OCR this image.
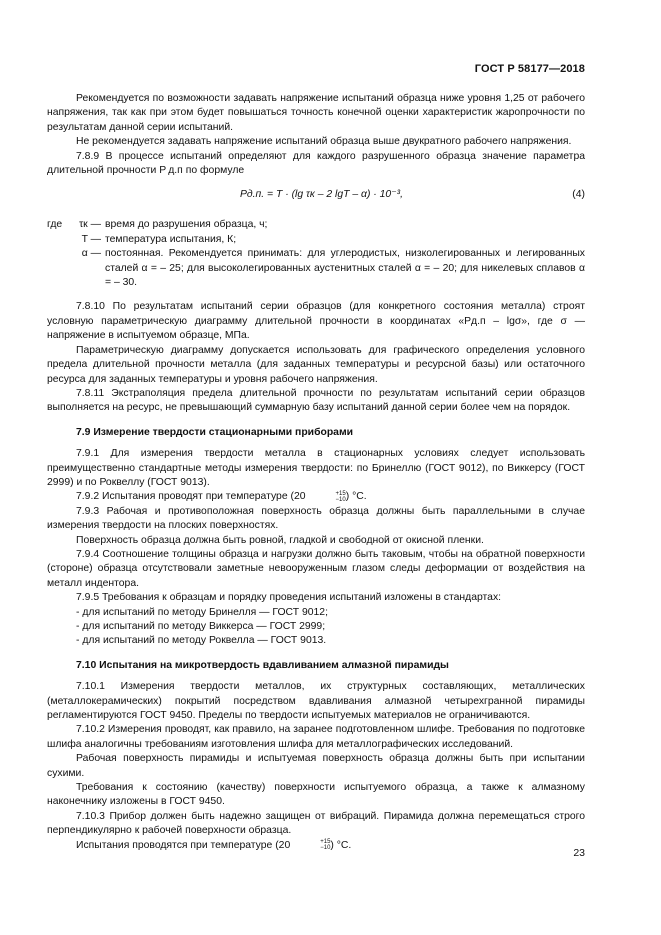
ГОСТ Р 58177—2018

Рекомендуется по возможности задавать напряжение испытаний образца ниже уровня 1,25 от рабочего напряжения, так как при этом будет повышаться точность конечной оценки характеристик жаропрочности по результатам данной серии испытаний.

Не рекомендуется задавать напряжение испытаний образца выше двукратного рабочего напряжения.

7.8.9 В процессе испытаний определяют для каждого разрушенного образца значение параметра длительной прочности P д.п по формуле

Pд.п. = T · (lg τк – 2 lgT – α) · 10⁻³,	(4)
где	τк — время до разрушения образца, ч;
T — температура испытания, К;
α — постоянная. Рекомендуется принимать: для углеродистых, низколегированных и легированных сталей α = – 25; для высоколегированных аустенитных сталей α = – 20; для никелевых сплавов α = – 30.

7.8.10 По результатам испытаний серии образцов (для конкретного состояния металла) строят условную параметрическую диаграмму длительной прочности в координатах «Pд.п – lgσ», где σ — напряжение в испытуемом образце, МПа.

Параметрическую диаграмму допускается использовать для графического определения условного предела длительной прочности металла (для заданных температуры и ресурсной базы) или остаточного ресурса для заданных температуры и уровня рабочего напряжения.

7.8.11 Экстраполяция предела длительной прочности по результатам испытаний серии образцов выполняется на ресурс, не превышающий суммарную базу испытаний данной серии более чем на порядок.

7.9 Измерение твердости стационарными приборами

7.9.1 Для измерения твердости металла в стационарных условиях следует использовать преимущественно стандартные методы измерения твердости: по Бринеллю (ГОСТ 9012), по Виккерсу (ГОСТ 2999) и по Роквеллу (ГОСТ 9013).

7.9.2 Испытания проводят при температуре (20	+15
−10 ) °С.

7.9.3 Рабочая и противоположная поверхность образца должны быть параллельными в случае измерения твердости на плоских поверхностях.

Поверхность образца должна быть ровной, гладкой и свободной от окисной пленки.

7.9.4 Соотношение толщины образца и нагрузки должно быть таковым, чтобы на обратной поверхности (стороне) образца отсутствовали заметные невооруженным глазом следы деформации от воздействия на металл индентора.

7.9.5 Требования к образцам и порядку проведения испытаний изложены в стандартах:

- для испытаний по методу Бринелля — ГОСТ 9012;

- для испытаний по методу Виккерса — ГОСТ 2999;

- для испытаний по методу Роквелла — ГОСТ 9013.

7.10 Испытания на микротвердость вдавливанием алмазной пирамиды

7.10.1 Измерения твердости металлов, их структурных составляющих, металлических (металлокерамических) покрытий посредством вдавливания алмазной четырехгранной пирамиды регламентируются ГОСТ 9450. Пределы по твердости испытуемых материалов не ограничиваются.

7.10.2 Измерения проводят, как правило, на заранее подготовленном шлифе. Требования по подготовке шлифа аналогичны требованиям изготовления шлифа для металлографических исследований.

Рабочая поверхность пирамиды и испытуемая поверхность образца должны быть при испытании сухими.

Требования к состоянию (качеству) поверхности испытуемого образца, а также к алмазному наконечнику изложены в ГОСТ 9450.

7.10.3 Прибор должен быть надежно защищен от вибраций. Пирамида должна перемещаться строго перпендикулярно к рабочей поверхности образца.

Испытания проводятся при температуре (20	+15
−10 ) °С.

23
